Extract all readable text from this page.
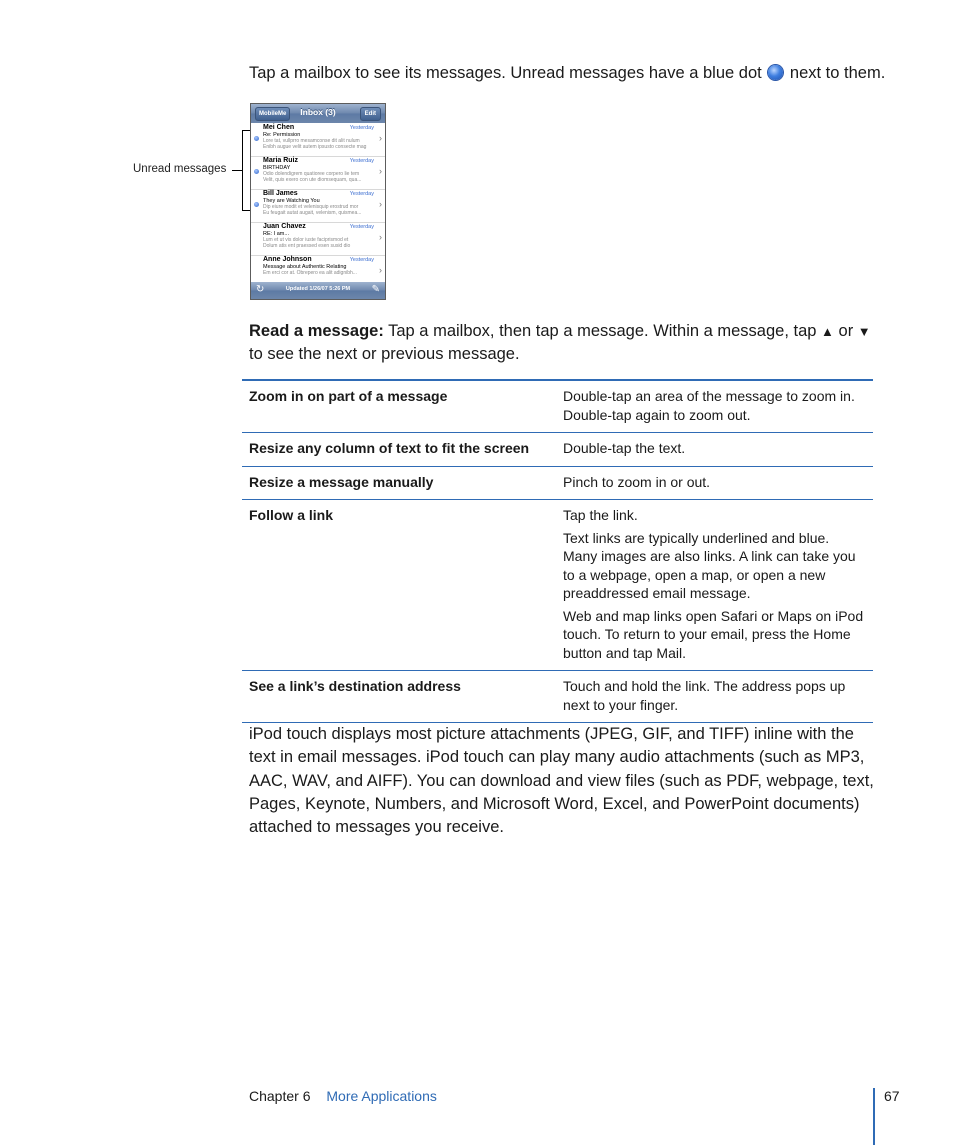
Tap a mailbox to see its messages. Unread messages have a blue dot next to them.
Unread messages
MobileMe	Inbox (3)	Edit
Mei Chen	Yesterday
Re: Permission
Lore tat, vullprro mesamconse dit alit nulum
Enibh augue velit autem ipsusto consecte mag
›
Maria Ruiz	Yesterday
BIRTHDAY
Odio dolendigrem quatioree corpero lie tem
Velit, quis exero con ute diomsequam, qua...
›
Bill James	Yesterday
They are Watching You
Dip eiure modit et velenisquip erostrud mor
Eu feugait autat augait, velenism, quismea...
›
Juan Chavez	Yesterday
RE: I am...
Lum et ut vis dolor iuste faciprismod et
Dolum atis ent praessed esen susid dio
›
Anne Johnson	Yesterday
Message about Authentic Relating
Em erci cor at. Obrepero ea alit adignibh...	›
↻	Updated 1/26/07 5:26 PM	✎
Read a message: Tap a mailbox, then tap a message. Within a message, tap ▲ or ▼ to see the next or previous message.
Zoom in on part of a message	Double-tap an area of the message to zoom in. Double-tap again to zoom out.

Resize any column of text to fit the screen	Double-tap the text.

Resize a message manually	Pinch to zoom in or out.

Follow a link	Tap the link.

Text links are typically underlined and blue. Many images are also links. A link can take you to a webpage, open a map, or open a new preaddressed email message.

Web and map links open Safari or Maps on iPod touch. To return to your email, press the Home button and tap Mail.

See a link’s destination address	Touch and hold the link. The address pops up next to your finger.

iPod touch displays most picture attachments (JPEG, GIF, and TIFF) inline with the text in email messages. iPod touch can play many audio attachments (such as MP3, AAC, WAV, and AIFF). You can download and view files (such as PDF, webpage, text, Pages, Keynote, Numbers, and Microsoft Word, Excel, and PowerPoint documents) attached to messages you receive.
Chapter 6 More Applications	67
